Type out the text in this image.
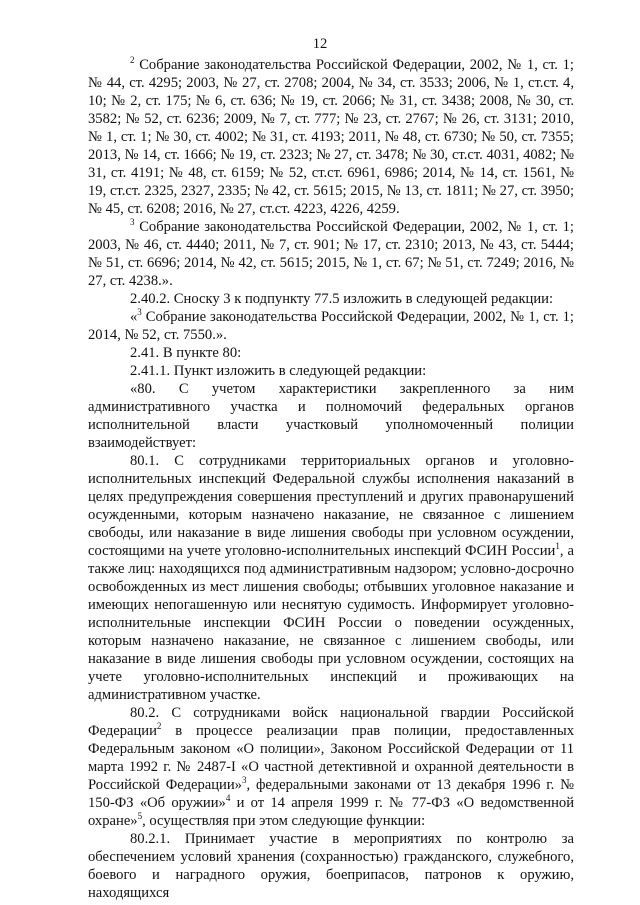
12

$^2$ Собрание законодательства Российской Федерации, 2002, № 1, ст. 1; № 44, ст. 4295; 2003, № 27, ст. 2708; 2004, № 34, ст. 3533; 2006, № 1, ст.ст. 4, 10; № 2, ст. 175; № 6, ст. 636; № 19, ст. 2066; № 31, ст. 3438; 2008, № 30, ст. 3582; № 52, ст. 6236; 2009, № 7, ст. 777; № 23, ст. 2767; № 26, ст. 3131; 2010, № 1, ст. 1; № 30, ст. 4002; № 31, ст. 4193; 2011, № 48, ст. 6730; № 50, ст. 7355; 2013, № 14, ст. 1666; № 19, ст. 2323; № 27, ст. 3478; № 30, ст.ст. 4031, 4082; № 31, ст. 4191; № 48, ст. 6159; № 52, ст.ст. 6961, 6986; 2014, № 14, ст. 1561, № 19, ст.ст. 2325, 2327, 2335; № 42, ст. 5615; 2015, № 13, ст. 1811; № 27, ст. 3950; № 45, ст. 6208; 2016, № 27, ст.ст. 4223, 4226, 4259.

$^3$ Собрание законодательства Российской Федерации, 2002, № 1, ст. 1; 2003, № 46, ст. 4440; 2011, № 7, ст. 901; № 17, ст. 2310; 2013, № 43, ст. 5444; № 51, ст. 6696; 2014, № 42, ст. 5615; 2015, № 1, ст. 67; № 51, ст. 7249; 2016, № 27, ст. 4238.».

2.40.2. Сноску 3 к подпункту 77.5 изложить в следующей редакции:

«$^3$ Собрание законодательства Российской Федерации, 2002, № 1, ст. 1; 2014, № 52, ст. 7550.».

2.41. В пункте 80:

2.41.1. Пункт изложить в следующей редакции:

«80. С учетом характеристики закрепленного за ним административного участка и полномочий федеральных органов исполнительной власти участковый уполномоченный полиции взаимодействует:

80.1. С сотрудниками территориальных органов и уголовно-исполнительных инспекций Федеральной службы исполнения наказаний в целях предупреждения совершения преступлений и других правонарушений осужденными, которым назначено наказание, не связанное с лишением свободы, или наказание в виде лишения свободы при условном осуждении, состоящими на учете уголовно-исполнительных инспекций ФСИН России$^1$, а также лиц: находящихся под административным надзором; условно-досрочно освобожденных из мест лишения свободы; отбывших уголовное наказание и имеющих непогашенную или неснятую судимость. Информирует уголовно-исполнительные инспекции ФСИН России о поведении осужденных, которым назначено наказание, не связанное с лишением свободы, или наказание в виде лишения свободы при условном осуждении, состоящих на учете уголовно-исполнительных инспекций и проживающих на административном участке.

80.2. С сотрудниками войск национальной гвардии Российской Федерации$^2$ в процессе реализации прав полиции, предоставленных Федеральным законом «О полиции», Законом Российской Федерации от 11 марта 1992 г. № 2487-I «О частной детективной и охранной деятельности в Российской Федерации»$^3$, федеральными законами от 13 декабря 1996 г. № 150-ФЗ «Об оружии»$^4$ и от 14 апреля 1999 г. № 77-ФЗ «О ведомственной охране»$^5$, осуществляя при этом следующие функции:

80.2.1. Принимает участие в мероприятиях по контролю за обеспечением условий хранения (сохранностью) гражданского, служебного, боевого и наградного оружия, боеприпасов, патронов к оружию, находящихся
